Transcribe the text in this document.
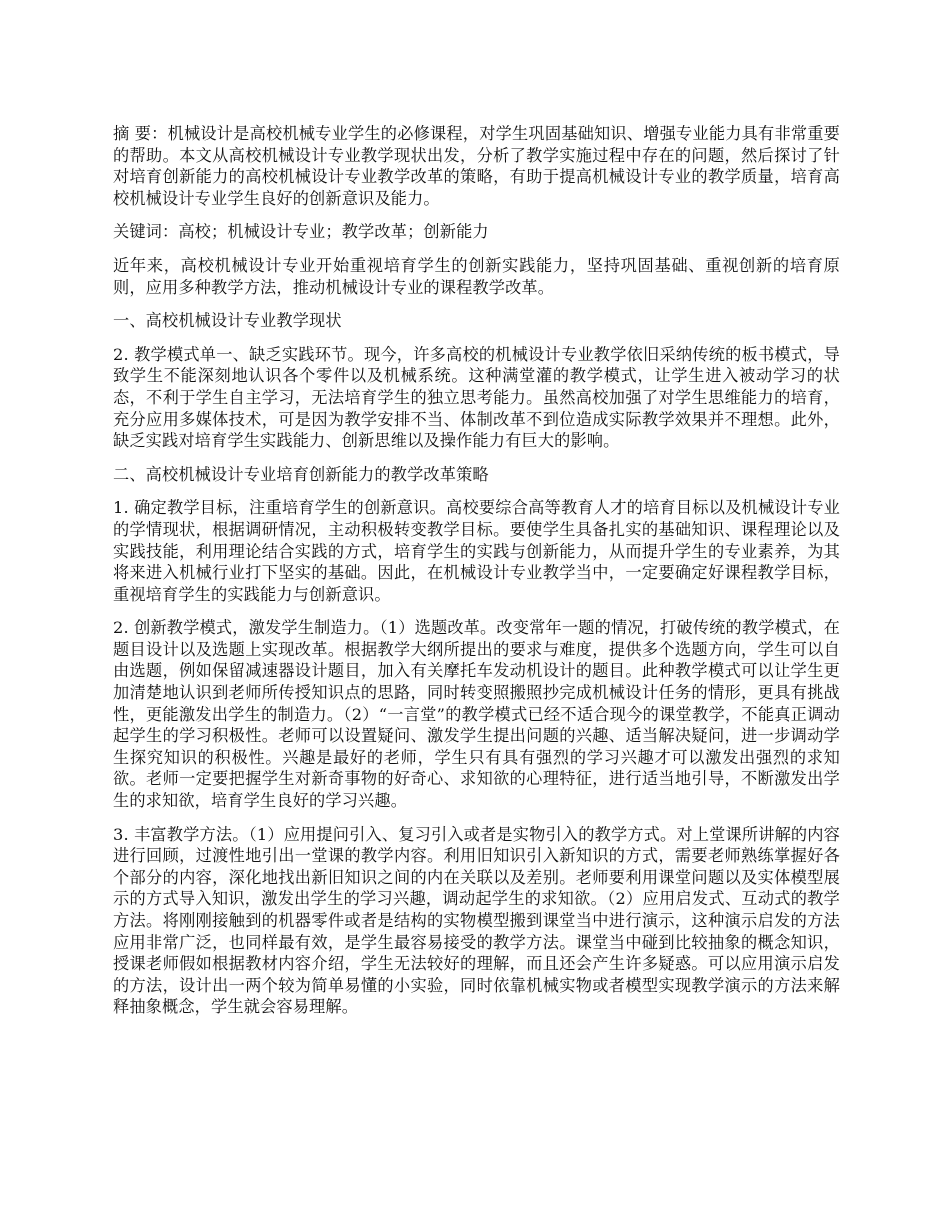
摘 要：机械设计是高校机械专业学生的必修课程，对学生巩固基础知识、增强专业能力具有非常重要的帮助。本文从高校机械设计专业教学现状出发，分析了教学实施过程中存在的问题，然后探讨了针对培育创新能力的高校机械设计专业教学改革的策略，有助于提高机械设计专业的教学质量，培育高校机械设计专业学生良好的创新意识及能力。

关键词：高校；机械设计专业；教学改革；创新能力

近年来，高校机械设计专业开始重视培育学生的创新实践能力，坚持巩固基础、重视创新的培育原则，应用多种教学方法，推动机械设计专业的课程教学改革。

一、高校机械设计专业教学现状

2. 教学模式单一、缺乏实践环节。现今，许多高校的机械设计专业教学依旧采纳传统的板书模式，导致学生不能深刻地认识各个零件以及机械系统。这种满堂灌的教学模式，让学生进入被动学习的状态，不利于学生自主学习，无法培育学生的独立思考能力。虽然高校加强了对学生思维能力的培育，充分应用多媒体技术，可是因为教学安排不当、体制改革不到位造成实际教学效果并不理想。此外，缺乏实践对培育学生实践能力、创新思维以及操作能力有巨大的影响。

二、高校机械设计专业培育创新能力的教学改革策略

1. 确定教学目标，注重培育学生的创新意识。高校要综合高等教育人才的培育目标以及机械设计专业的学情现状，根据调研情况，主动积极转变教学目标。要使学生具备扎实的基础知识、课程理论以及实践技能，利用理论结合实践的方式，培育学生的实践与创新能力，从而提升学生的专业素养，为其将来进入机械行业打下坚实的基础。因此，在机械设计专业教学当中，一定要确定好课程教学目标，重视培育学生的实践能力与创新意识。

2. 创新教学模式，激发学生制造力。（1）选题改革。改变常年一题的情况，打破传统的教学模式，在题目设计以及选题上实现改革。根据教学大纲所提出的要求与难度，提供多个选题方向，学生可以自由选题，例如保留减速器设计题目，加入有关摩托车发动机设计的题目。此种教学模式可以让学生更加清楚地认识到老师所传授知识点的思路，同时转变照搬照抄完成机械设计任务的情形，更具有挑战性，更能激发出学生的制造力。（2）“一言堂”的教学模式已经不适合现今的课堂教学，不能真正调动起学生的学习积极性。老师可以设置疑问、激发学生提出问题的兴趣、适当解决疑问，进一步调动学生探究知识的积极性。兴趣是最好的老师，学生只有具有强烈的学习兴趣才可以激发出强烈的求知欲。老师一定要把握学生对新奇事物的好奇心、求知欲的心理特征，进行适当地引导，不断激发出学生的求知欲，培育学生良好的学习兴趣。

3. 丰富教学方法。（1）应用提问引入、复习引入或者是实物引入的教学方式。对上堂课所讲解的内容进行回顾，过渡性地引出一堂课的教学内容。利用旧知识引入新知识的方式，需要老师熟练掌握好各个部分的内容，深化地找出新旧知识之间的内在关联以及差别。老师要利用课堂问题以及实体模型展示的方式导入知识，激发出学生的学习兴趣，调动起学生的求知欲。（2）应用启发式、互动式的教学方法。将刚刚接触到的机器零件或者是结构的实物模型搬到课堂当中进行演示，这种演示启发的方法应用非常广泛，也同样最有效，是学生最容易接受的教学方法。课堂当中碰到比较抽象的概念知识，授课老师假如根据教材内容介绍，学生无法较好的理解，而且还会产生许多疑惑。可以应用演示启发的方法，设计出一两个较为简单易懂的小实验，同时依靠机械实物或者模型实现教学演示的方法来解释抽象概念，学生就会容易理解。
